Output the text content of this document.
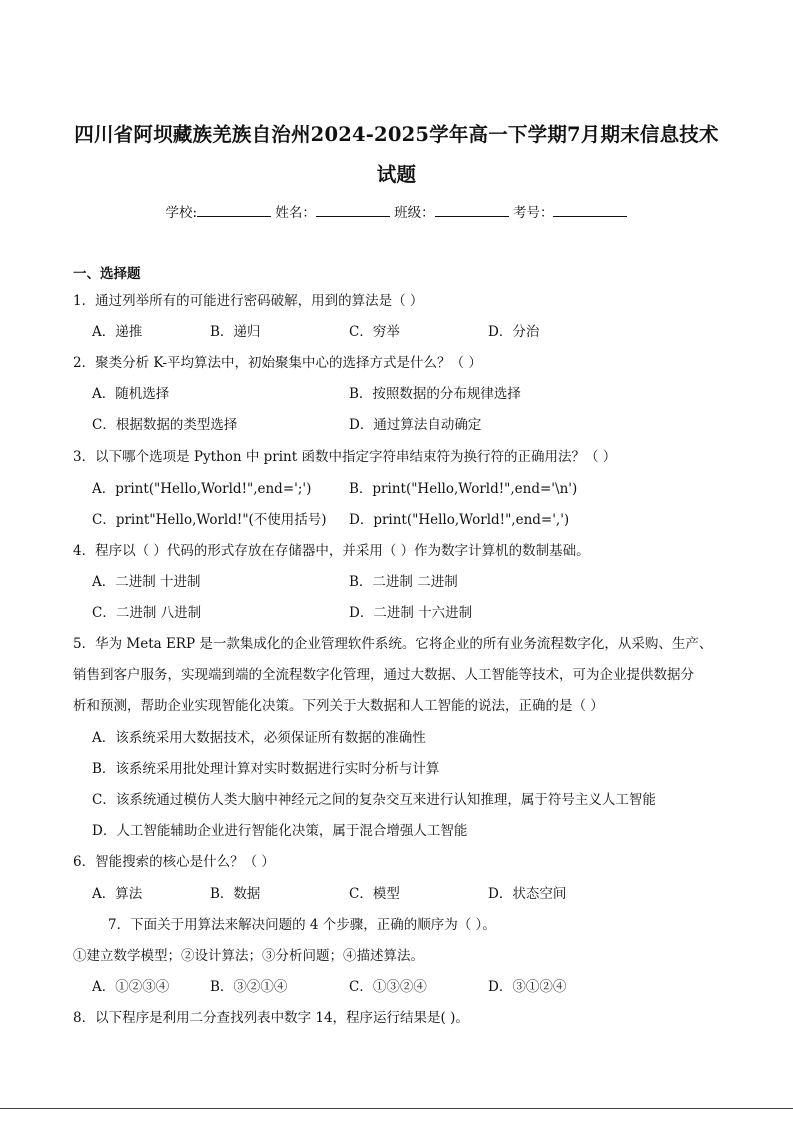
四川省阿坝藏族羌族自治州2024-2025学年高一下学期7月期末信息技术
试题
学校:	姓名：	班级：	考号：
一、选择题
1．通过列举所有的可能进行密码破解，用到的算法是（ ）
A．递推	B．递归	C．穷举	D．分治
2．聚类分析 K-平均算法中，初始聚集中心的选择方式是什么？（ ）
A．随机选择	B．按照数据的分布规律选择
C．根据数据的类型选择	D．通过算法自动确定
3．以下哪个选项是 Python 中 print 函数中指定字符串结束符为换行符的正确用法？（ ）
A．print("Hello,World!",end=';')	B．print("Hello,World!",end='\n')
C．print"Hello,World!"(不使用括号) D．print("Hello,World!",end=',')
4．程序以（ ）代码的形式存放在存储器中，并采用（ ）作为数字计算机的数制基础。
A．二进制 十进制	B．二进制 二进制
C．二进制 八进制	D．二进制 十六进制
5．华为 Meta ERP 是一款集成化的企业管理软件系统。它将企业的所有业务流程数字化，从采购、生产、
销售到客户服务，实现端到端的全流程数字化管理，通过大数据、人工智能等技术，可为企业提供数据分
析和预测，帮助企业实现智能化决策。下列关于大数据和人工智能的说法，正确的是（ ）
A．该系统采用大数据技术，必须保证所有数据的准确性
B．该系统采用批处理计算对实时数据进行实时分析与计算
C．该系统通过模仿人类大脑中神经元之间的复杂交互来进行认知推理，属于符号主义人工智能
D．人工智能辅助企业进行智能化决策，属于混合增强人工智能
6．智能搜索的核心是什么？（ ）
A．算法	B．数据	C．模型	D．状态空间
7．下面关于用算法来解决问题的 4 个步骤，正确的顺序为（ ）。
①建立数学模型；②设计算法；③分析问题；④描述算法。
A．①②③④	B．③②①④	C．①③②④	D．③①②④
8．以下程序是利用二分查找列表中数字 14，程序运行结果是( )。
